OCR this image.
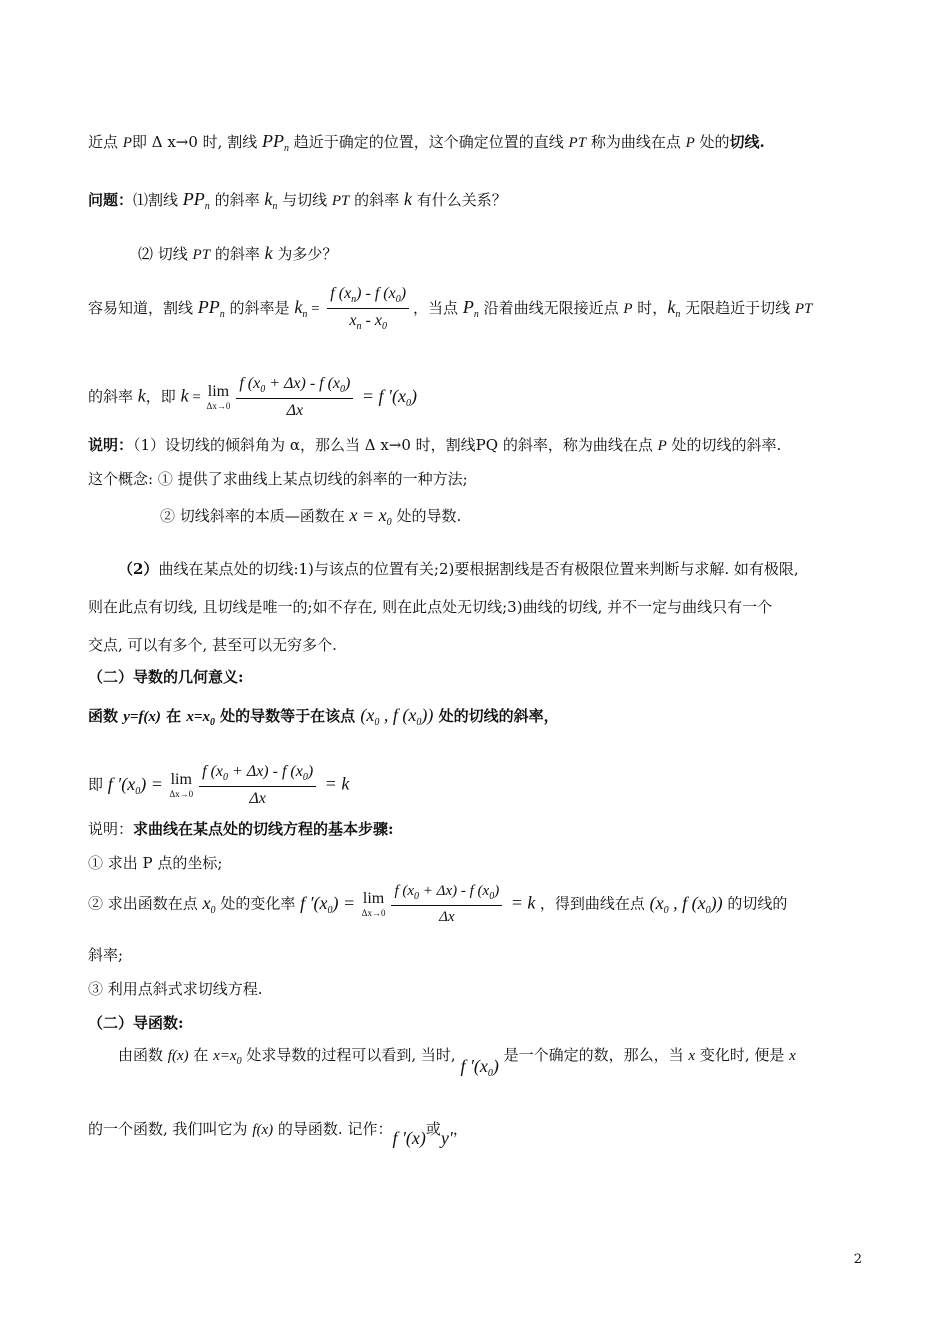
近点 P即 Δ x→0 时, 割线 $PP_n$ 趋近于确定的位置，这个确定位置的直线 PT 称为曲线在点 P 处的切线.
问题：⑴割线 $PP_n$ 的斜率 $k_n$ 与切线 PT 的斜率 k 有什么关系？
⑵ 切线 PT 的斜率 k 为多少？
容易知道，割线 $PP_n$ 的斜率是 $k_n = \frac{f (x_n) - f (x_0)}{x_n - x_0}$ ，当点 $P_n$ 沿着曲线无限接近点 P 时，$k_n$ 无限趋近于切线 PT
的斜率 k，即 k = lim
$\Delta x\to 0 \frac{f (x_0 + \Delta x) - f (x_0)}{\Delta x} = f$ $'(x_0)$
说明：（1）设切线的倾斜角为 α，那么当 Δ x→0 时，割线PQ 的斜率，称为曲线在点 P 处的切线的斜率.
这个概念: ① 提供了求曲线上某点切线的斜率的一种方法;
② 切线斜率的本质—函数在 $x = x_0$ 处的导数.
（2）曲线在某点处的切线:1)与该点的位置有关;2)要根据割线是否有极限位置来判断与求解. 如有极限,
则在此点有切线, 且切线是唯一的;如不存在, 则在此点处无切线;3)曲线的切线, 并不一定与曲线只有一个
交点, 可以有多个, 甚至可以无穷多个.
（二）导数的几何意义:
函数 y=f(x) 在 $x=x_0$ 处的导数等于在该点 ($x_0$ , f $(x_0)$) 处的切线的斜率，
即 f $'(x_0) = \lim$
$\Delta x\to 0 \frac{f (x_0 + \Delta x) - f (x_0)}{\Delta x} = k$
说明：求曲线在某点处的切线方程的基本步骤:
① 求出 P 点的坐标;
② 求出函数在点 $x_0$ 处的变化率 f $'(x_0) = \lim$
$\Delta x\to 0 \frac{f (x_0 + \Delta x) - f (x_0)}{\Delta x} = k$ ，得到曲线在点 ($x_0$ , f $(x_0)$) 的切线的
斜率;
③ 利用点斜式求切线方程.
（二）导函数:
由函数 f(x) 在 $x=x_0$ 处求导数的过程可以看到, 当时, f $'(x_0)$ 是一个确定的数，那么，当 x 变化时, 便是 x
的一个函数, 我们叫它为 f(x) 的导函数. 记作：f ′(x)或y′，
2
